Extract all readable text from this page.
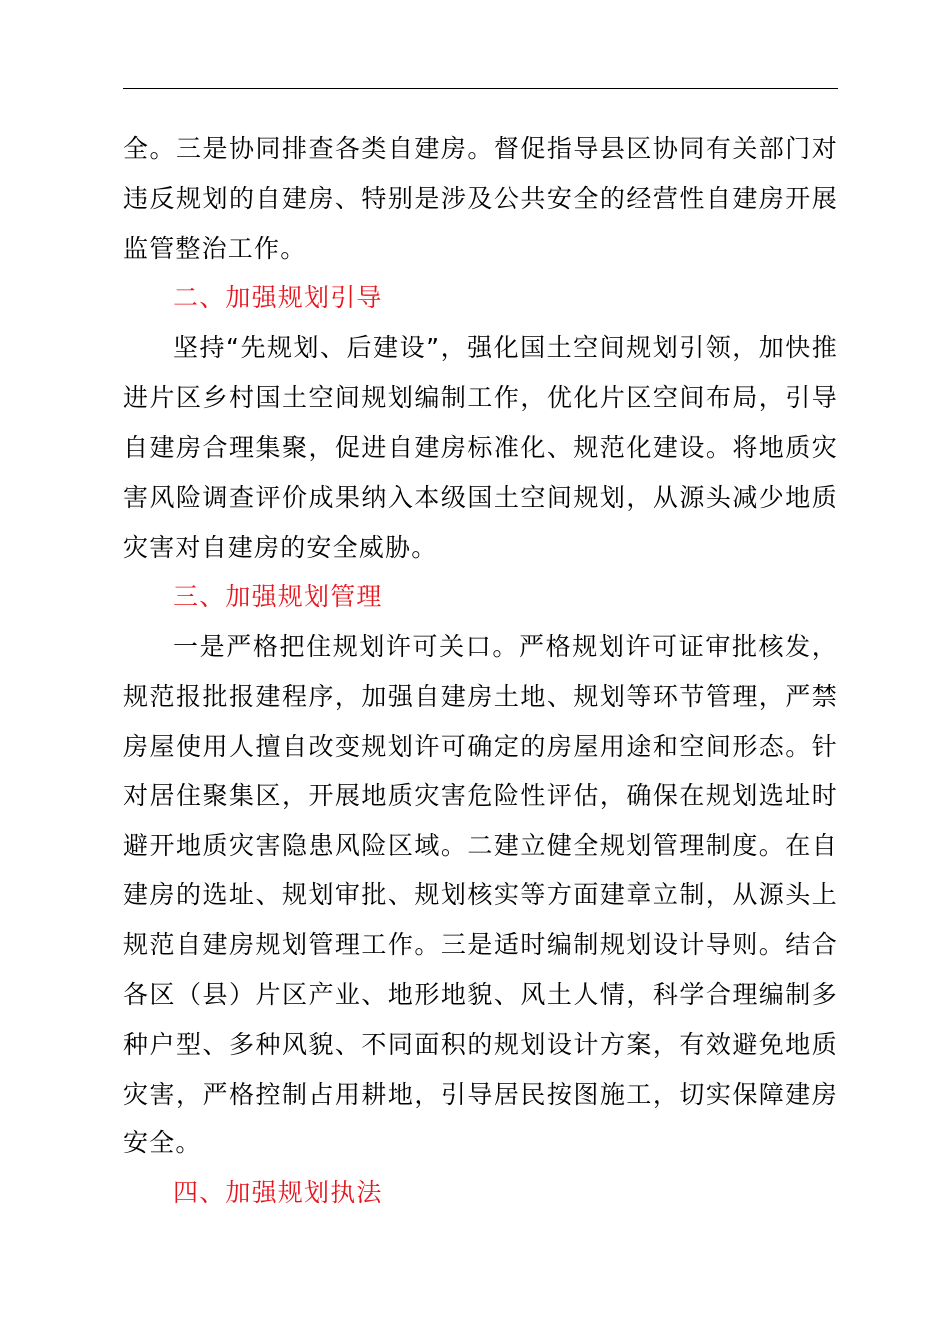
全。三是协同排查各类自建房。督促指导县区协同有关部门对
违反规划的自建房、特别是涉及公共安全的经营性自建房开展
监管整治工作。
二、加强规划引导
坚持“先规划、后建设”，强化国土空间规划引领，加快推
进片区乡村国土空间规划编制工作，优化片区空间布局，引导
自建房合理集聚，促进自建房标准化、规范化建设。将地质灾
害风险调查评价成果纳入本级国土空间规划，从源头减少地质
灾害对自建房的安全威胁。
三、加强规划管理
一是严格把住规划许可关口。严格规划许可证审批核发，
规范报批报建程序，加强自建房土地、规划等环节管理，严禁
房屋使用人擅自改变规划许可确定的房屋用途和空间形态。针
对居住聚集区，开展地质灾害危险性评估，确保在规划选址时
避开地质灾害隐患风险区域。二建立健全规划管理制度。在自
建房的选址、规划审批、规划核实等方面建章立制，从源头上
规范自建房规划管理工作。三是适时编制规划设计导则。结合
各区（县）片区产业、地形地貌、风土人情，科学合理编制多
种户型、多种风貌、不同面积的规划设计方案，有效避免地质
灾害，严格控制占用耕地，引导居民按图施工，切实保障建房
安全。
四、加强规划执法
